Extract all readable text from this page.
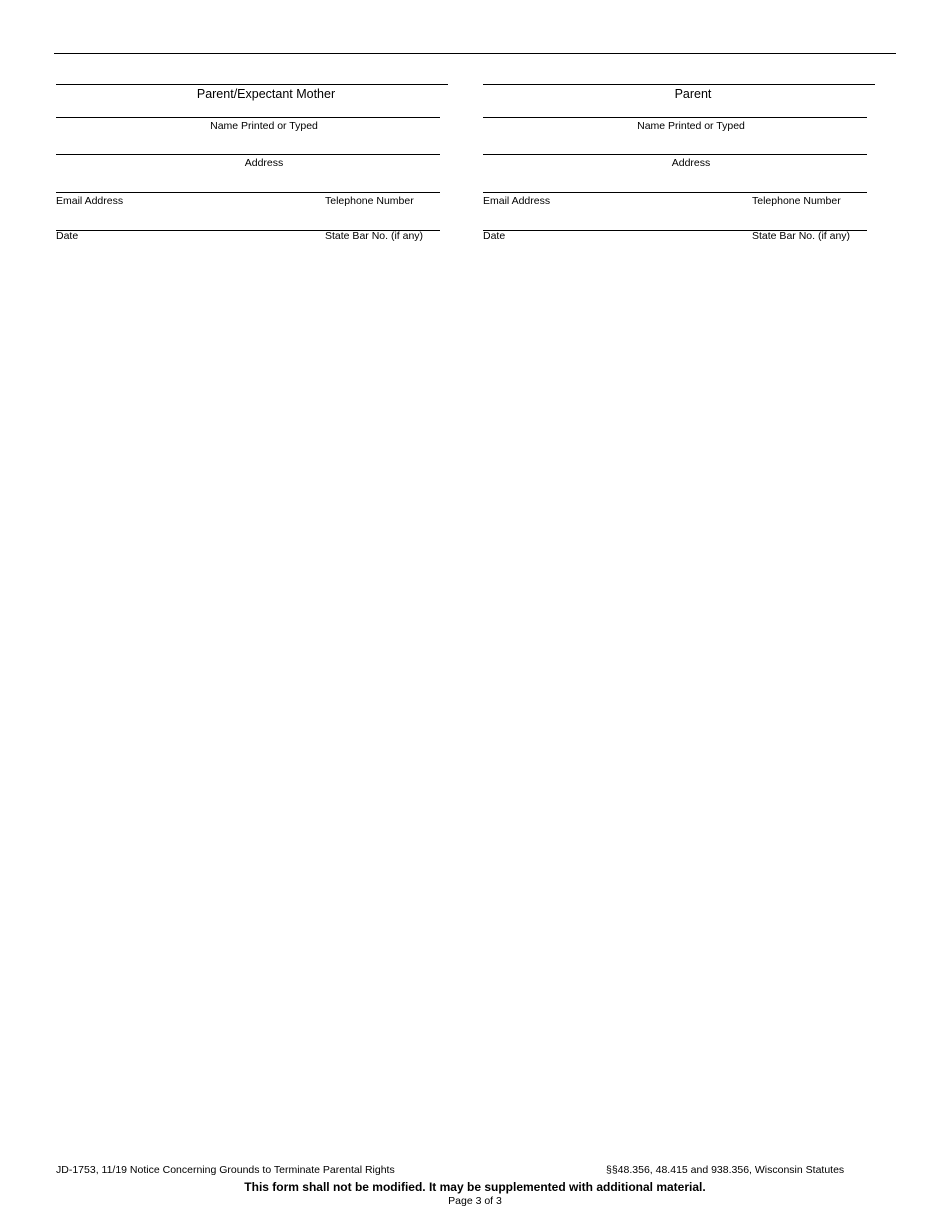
Parent/Expectant Mother
Name Printed or Typed
Address
Email Address	Telephone Number
Date	State Bar No. (if any)
Parent
Name Printed or Typed
Address
Email Address	Telephone Number
Date	State Bar No. (if any)
JD-1753, 11/19 Notice Concerning Grounds to Terminate Parental Rights	§§48.356, 48.415 and 938.356, Wisconsin Statutes
This form shall not be modified. It may be supplemented with additional material.
Page 3 of 3
